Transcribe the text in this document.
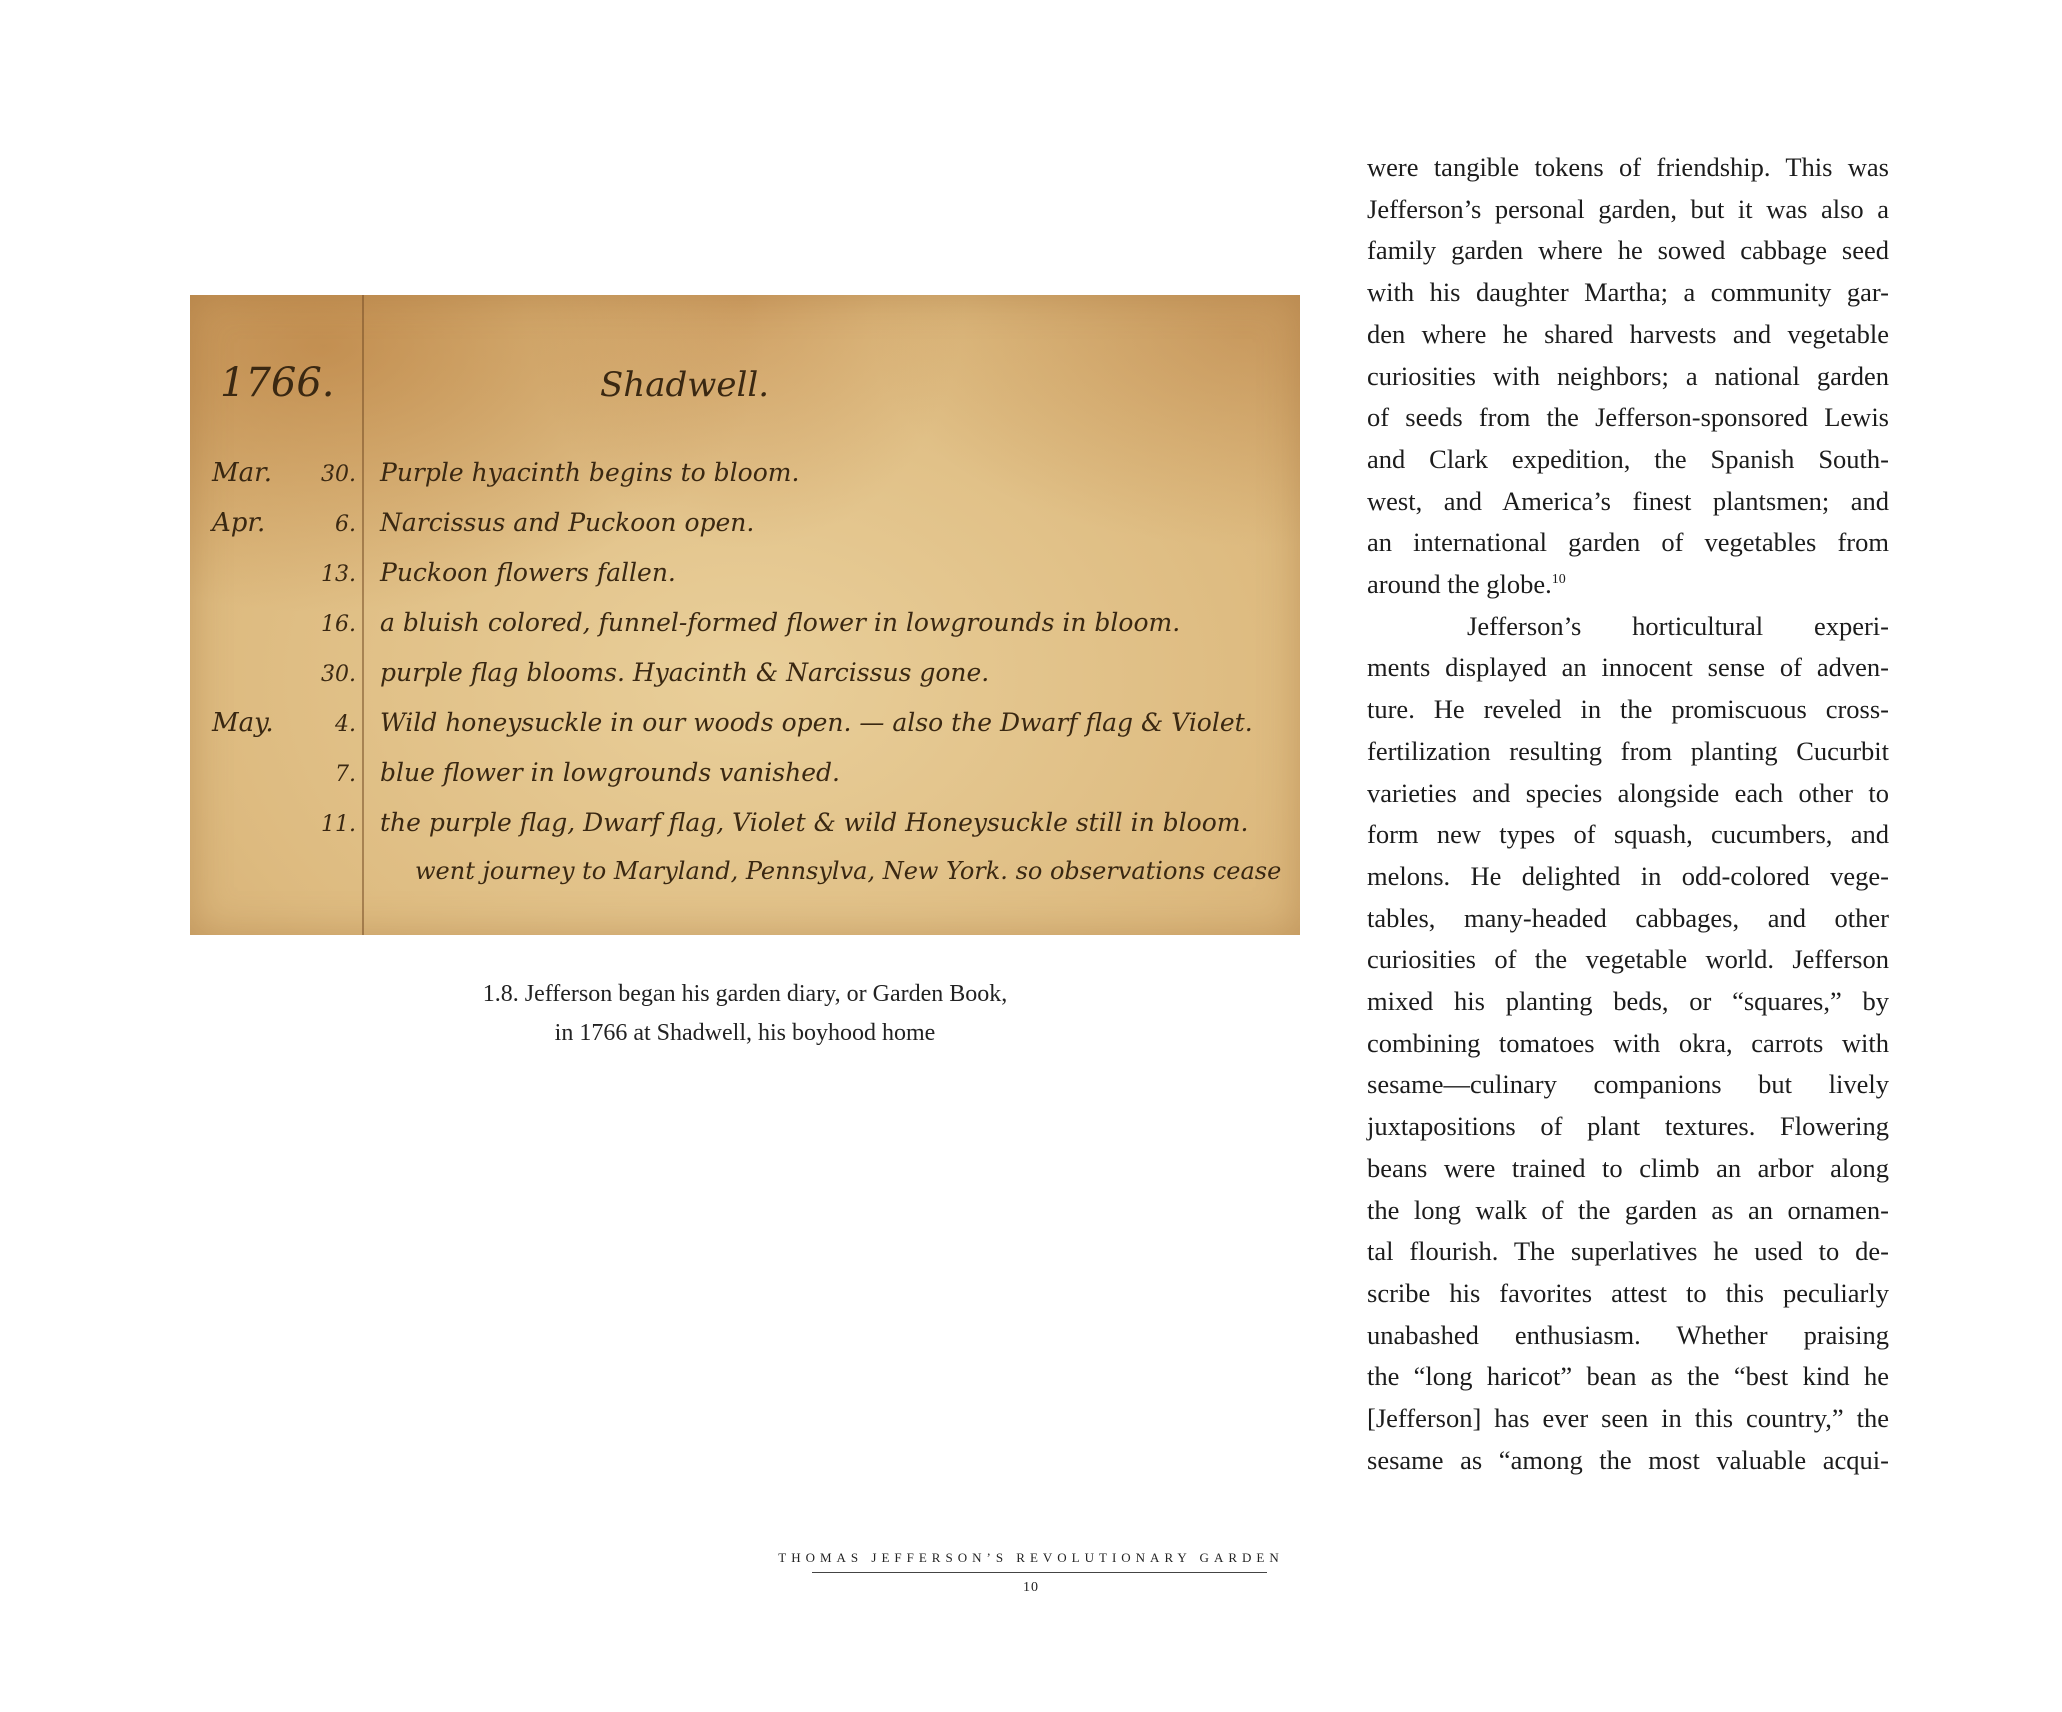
1766.	Shadwell.
Mar.	30. Purple hyacinth begins to bloom.
Apr.	6. Narcissus and Puckoon open.
13. Puckoon flowers fallen.
16. a bluish colored, funnel-formed flower in lowgrounds in bloom.
30. purple flag blooms. Hyacinth & Narcissus gone.
May.	4. Wild honeysuckle in our woods open. — also the Dwarf flag & Violet.
7. blue flower in lowgrounds vanished.
11. the purple flag, Dwarf flag, Violet & wild Honeysuckle still in bloom.
went journey to Maryland, Pennsylva, New York. so observations cease
1.8. Jefferson began his garden diary, or Garden Book,
in 1766 at Shadwell, his boyhood home
were tangible tokens of friendship. This was
Jefferson’s personal garden, but it was also a
family garden where he sowed cabbage seed
with his daughter Martha; a community gar-
den where he shared harvests and vegetable
curiosities with neighbors; a national garden
of seeds from the Jefferson-sponsored Lewis
and Clark expedition, the Spanish South-
west, and America’s finest plantsmen; and
an international garden of vegetables from
around the globe.$^{10}$
Jefferson’s horticultural experi-
ments displayed an innocent sense of adven-
ture. He reveled in the promiscuous cross-
fertilization resulting from planting Cucurbit
varieties and species alongside each other to
form new types of squash, cucumbers, and
melons. He delighted in odd-colored vege-
tables, many-headed cabbages, and other
curiosities of the vegetable world. Jefferson
mixed his planting beds, or “squares,” by
combining tomatoes with okra, carrots with
sesame—culinary companions but lively
juxtapositions of plant textures. Flowering
beans were trained to climb an arbor along
the long walk of the garden as an ornamen-
tal flourish. The superlatives he used to de-
scribe his favorites attest to this peculiarly
unabashed enthusiasm. Whether praising
the “long haricot” bean as the “best kind he
[Jefferson] has ever seen in this country,” the
sesame as “among the most valuable acqui-
THOMAS JEFFERSON’S REVOLUTIONARY GARDEN
10
